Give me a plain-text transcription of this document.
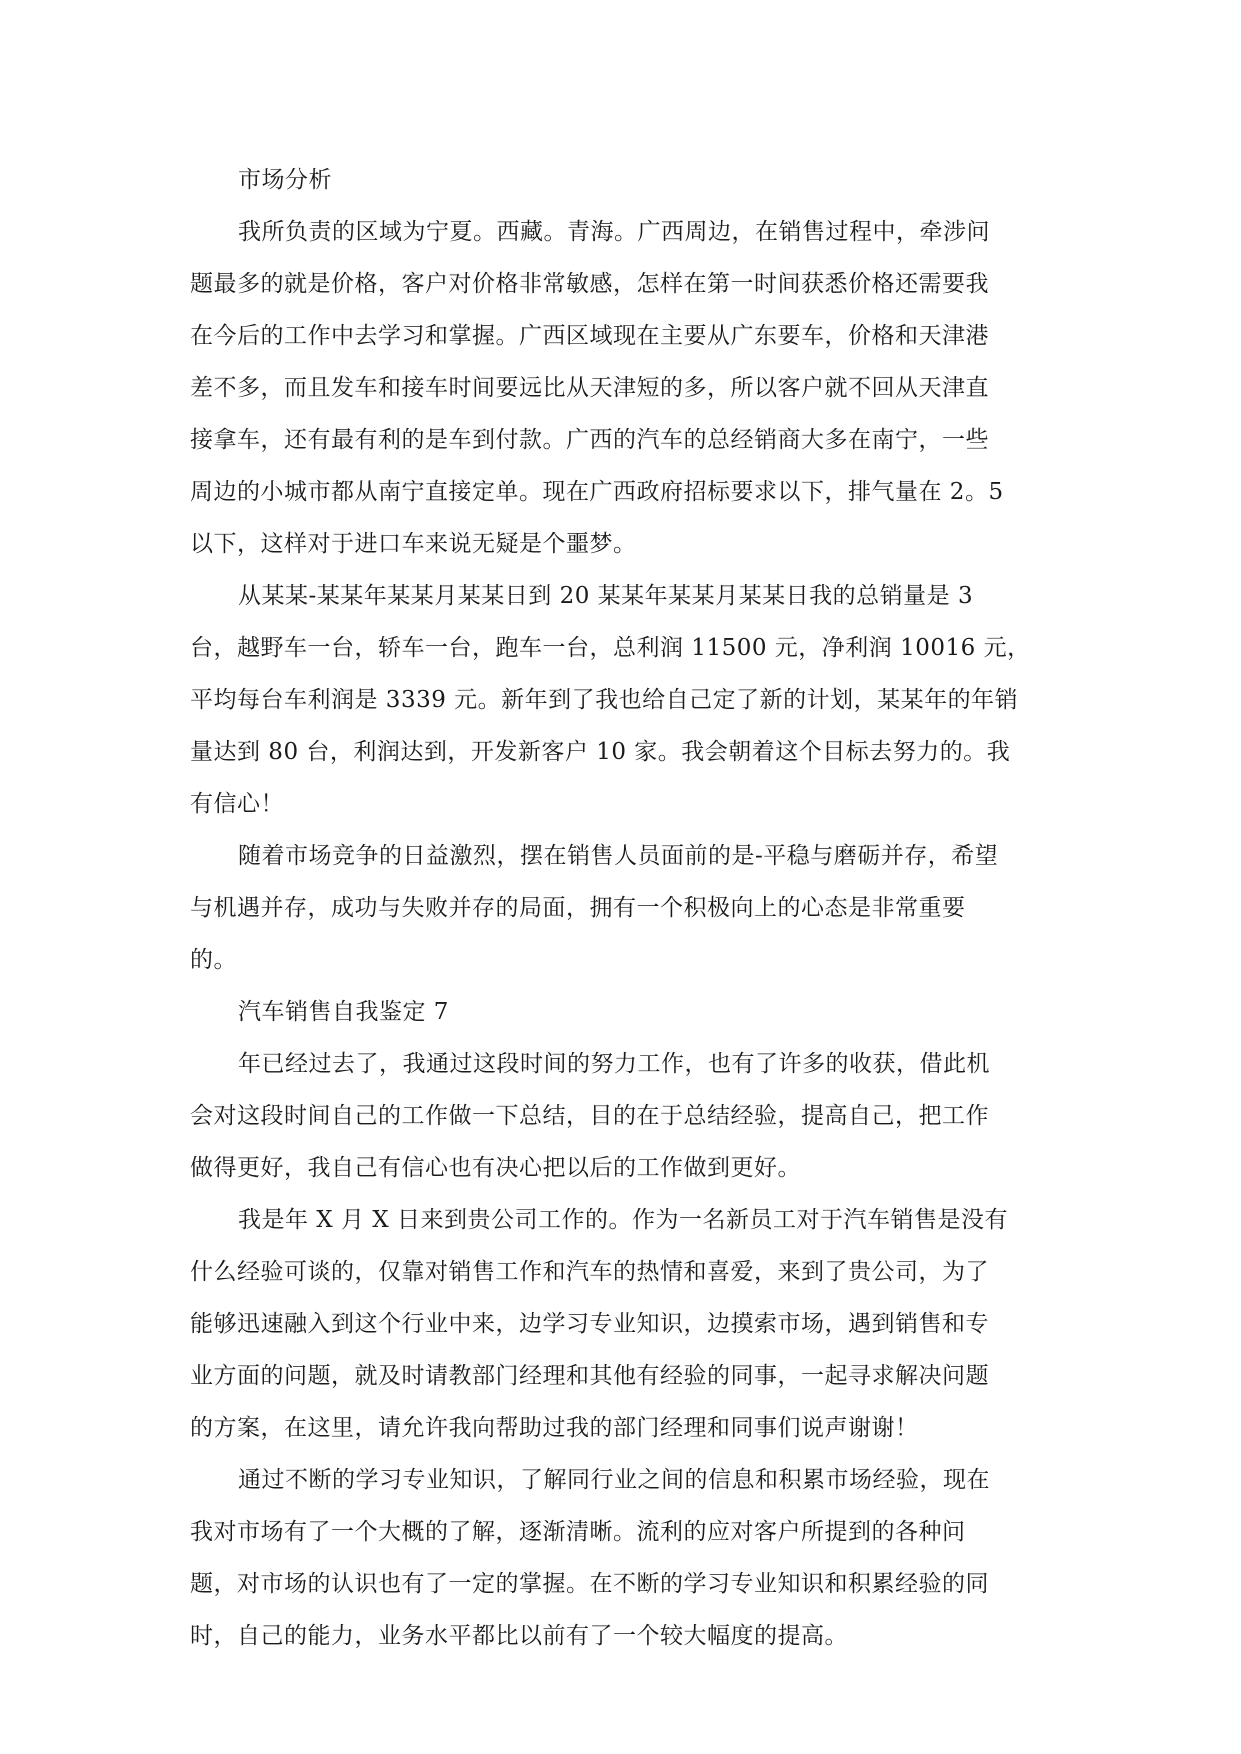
市场分析
我所负责的区域为宁夏。西藏。青海。广西周边，在销售过程中，牵涉问
题最多的就是价格，客户对价格非常敏感，怎样在第一时间获悉价格还需要我
在今后的工作中去学习和掌握。广西区域现在主要从广东要车，价格和天津港
差不多，而且发车和接车时间要远比从天津短的多，所以客户就不回从天津直
接拿车，还有最有利的是车到付款。广西的汽车的总经销商大多在南宁，一些
周边的小城市都从南宁直接定单。现在广西政府招标要求以下，排气量在 2。5
以下，这样对于进口车来说无疑是个噩梦。
从某某-某某年某某月某某日到 20 某某年某某月某某日我的总销量是 3
台，越野车一台，轿车一台，跑车一台，总利润 11500 元，净利润 10016 元，
平均每台车利润是 3339 元。新年到了我也给自己定了新的计划，某某年的年销
量达到 80 台，利润达到，开发新客户 10 家。我会朝着这个目标去努力的。我
有信心！
随着市场竞争的日益激烈，摆在销售人员面前的是-平稳与磨砺并存，希望
与机遇并存，成功与失败并存的局面，拥有一个积极向上的心态是非常重要
的。
汽车销售自我鉴定 7
年已经过去了，我通过这段时间的努力工作，也有了许多的收获，借此机
会对这段时间自己的工作做一下总结，目的在于总结经验，提高自己，把工作
做得更好，我自己有信心也有决心把以后的工作做到更好。
我是年 X 月 X 日来到贵公司工作的。作为一名新员工对于汽车销售是没有
什么经验可谈的，仅靠对销售工作和汽车的热情和喜爱，来到了贵公司，为了
能够迅速融入到这个行业中来，边学习专业知识，边摸索市场，遇到销售和专
业方面的问题，就及时请教部门经理和其他有经验的同事，一起寻求解决问题
的方案，在这里，请允许我向帮助过我的部门经理和同事们说声谢谢！
通过不断的学习专业知识，了解同行业之间的信息和积累市场经验，现在
我对市场有了一个大概的了解，逐渐清晰。流利的应对客户所提到的各种问
题，对市场的认识也有了一定的掌握。在不断的学习专业知识和积累经验的同
时，自己的能力，业务水平都比以前有了一个较大幅度的提高。
